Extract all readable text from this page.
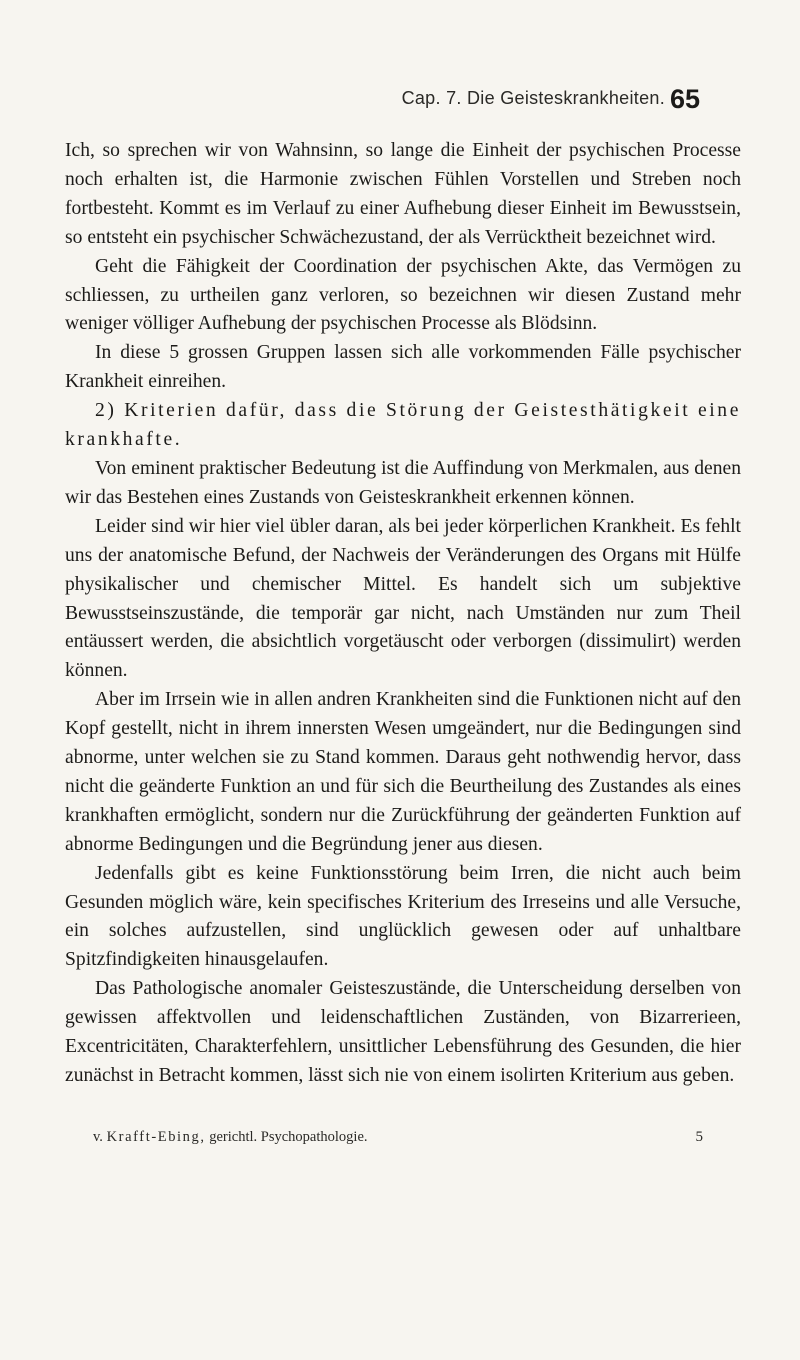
Cap. 7. Die Geisteskrankheiten. 65

Ich, so sprechen wir von Wahnsinn, so lange die Einheit der psychischen Processe noch erhalten ist, die Harmonie zwischen Fühlen Vorstellen und Streben noch fortbesteht. Kommt es im Verlauf zu einer Aufhebung dieser Einheit im Bewusstsein, so entsteht ein psychischer Schwächezustand, der als Verrücktheit bezeichnet wird.

Geht die Fähigkeit der Coordination der psychischen Akte, das Vermögen zu schliessen, zu urtheilen ganz verloren, so bezeichnen wir diesen Zustand mehr weniger völliger Aufhebung der psychischen Processe als Blödsinn.

In diese 5 grossen Gruppen lassen sich alle vorkommenden Fälle psychischer Krankheit einreihen.

2) Kriterien dafür, dass die Störung der Geistesthätigkeit eine krankhafte.

Von eminent praktischer Bedeutung ist die Auffindung von Merkmalen, aus denen wir das Bestehen eines Zustands von Geisteskrankheit erkennen können.

Leider sind wir hier viel übler daran, als bei jeder körperlichen Krankheit. Es fehlt uns der anatomische Befund, der Nachweis der Veränderungen des Organs mit Hülfe physikalischer und chemischer Mittel. Es handelt sich um subjektive Bewusstseinszustände, die temporär gar nicht, nach Umständen nur zum Theil entäussert werden, die absichtlich vorgetäuscht oder verborgen (dissimulirt) werden können.

Aber im Irrsein wie in allen andren Krankheiten sind die Funktionen nicht auf den Kopf gestellt, nicht in ihrem innersten Wesen umgeändert, nur die Bedingungen sind abnorme, unter welchen sie zu Stand kommen. Daraus geht nothwendig hervor, dass nicht die geänderte Funktion an und für sich die Beurtheilung des Zustandes als eines krankhaften ermöglicht, sondern nur die Zurückführung der geänderten Funktion auf abnorme Bedingungen und die Begründung jener aus diesen.

Jedenfalls gibt es keine Funktionsstörung beim Irren, die nicht auch beim Gesunden möglich wäre, kein specifisches Kriterium des Irreseins und alle Versuche, ein solches aufzustellen, sind unglücklich gewesen oder auf unhaltbare Spitzfindigkeiten hinausgelaufen.

Das Pathologische anomaler Geisteszustände, die Unterscheidung derselben von gewissen affektvollen und leidenschaftlichen Zuständen, von Bizarrerieen, Excentricitäten, Charakterfehlern, unsittlicher Lebensführung des Gesunden, die hier zunächst in Betracht kommen, lässt sich nie von einem isolirten Kriterium aus geben.

v. Krafft-Ebing, gerichtl. Psychopathologie.	5
